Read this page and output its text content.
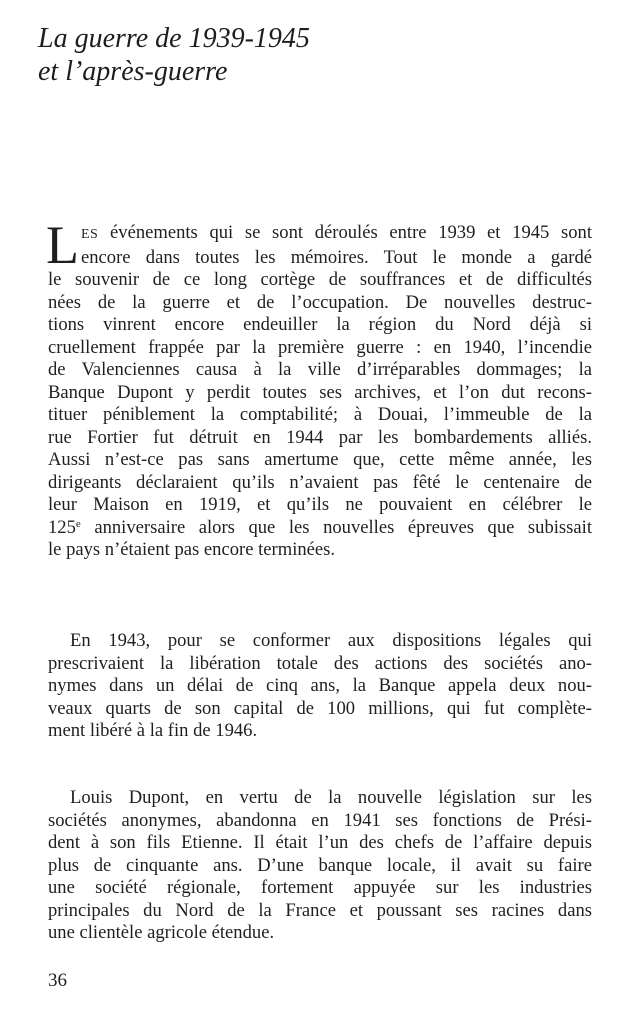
La guerre de 1939-1945
et l’après-guerre
L ES événements qui se sont déroulés entre 1939 et 1945 sont
encore dans toutes les mémoires. Tout le monde a gardé
le souvenir de ce long cortège de souffrances et de difficultés
nées de la guerre et de l’occupation. De nouvelles destruc-
tions vinrent encore endeuiller la région du Nord déjà si
cruellement frappée par la première guerre : en 1940, l’incendie
de Valenciennes causa à la ville d’irréparables dommages; la
Banque Dupont y perdit toutes ses archives, et l’on dut recons-
tituer péniblement la comptabilité; à Douai, l’immeuble de la
rue Fortier fut détruit en 1944 par les bombardements alliés.
Aussi n’est-ce pas sans amertume que, cette même année, les
dirigeants déclaraient qu’ils n’avaient pas fêté le centenaire de
leur Maison en 1919, et qu’ils ne pouvaient en célébrer le
125e anniversaire alors que les nouvelles épreuves que subissait
le pays n’étaient pas encore terminées.
En 1943, pour se conformer aux dispositions légales qui
prescrivaient la libération totale des actions des sociétés ano-
nymes dans un délai de cinq ans, la Banque appela deux nou-
veaux quarts de son capital de 100 millions, qui fut complète-
ment libéré à la fin de 1946.
Louis Dupont, en vertu de la nouvelle législation sur les
sociétés anonymes, abandonna en 1941 ses fonctions de Prési-
dent à son fils Etienne. Il était l’un des chefs de l’affaire depuis
plus de cinquante ans. D’une banque locale, il avait su faire
une société régionale, fortement appuyée sur les industries
principales du Nord de la France et poussant ses racines dans
une clientèle agricole étendue.
36
